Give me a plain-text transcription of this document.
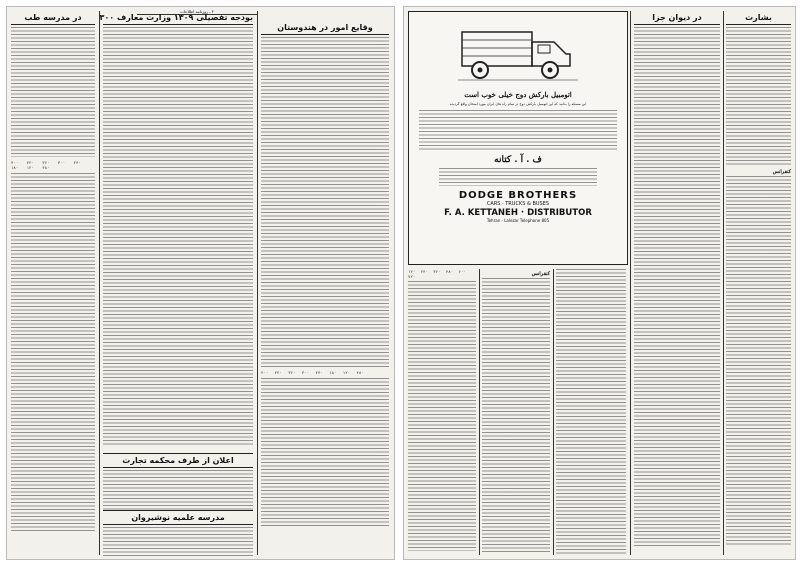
۳ ـ روزنامه اطلاعات
در مدرسه طب
۴۰۰ ۴۲۰ ۳۶۰ ۳۰۰ ۲۴۰ ۱۸۰ ۱۲۰ ۴۸۰
بودجه تفصیلی ۱۳۰۹ وزارت معارف ۳۰۰
اعلان از طرف محکمه تجارت
مدرسه علمیه نوشیروان
وقایع امور در هندوستان
۴۰۰ ۴۲۰ ۳۶۰ ۳۰۰ ۲۴۰ ۱۸۰ ۱۲۰ ۴۸۰
اتومبیل بارکش دوج خیلی خوب است
این مسئله را بدانید که این اتومبیل بارکش دوج در تمام راه های ایران مورد امتحان واقع گردیده
ف . آ . کتانه
DODGE BROTHERS
CARS · TRUCKS & BUSES
F. A. KETTANEH · DISTRIBUTOR
Tehran - Lalezar Telephone 805
۱۲۰ ۲۴۰ ۳۶۰ ۴۸۰ ۶۰۰ ۷۲۰	کنفرانس
در دیوان جزا	بشارت
کنفرانس
